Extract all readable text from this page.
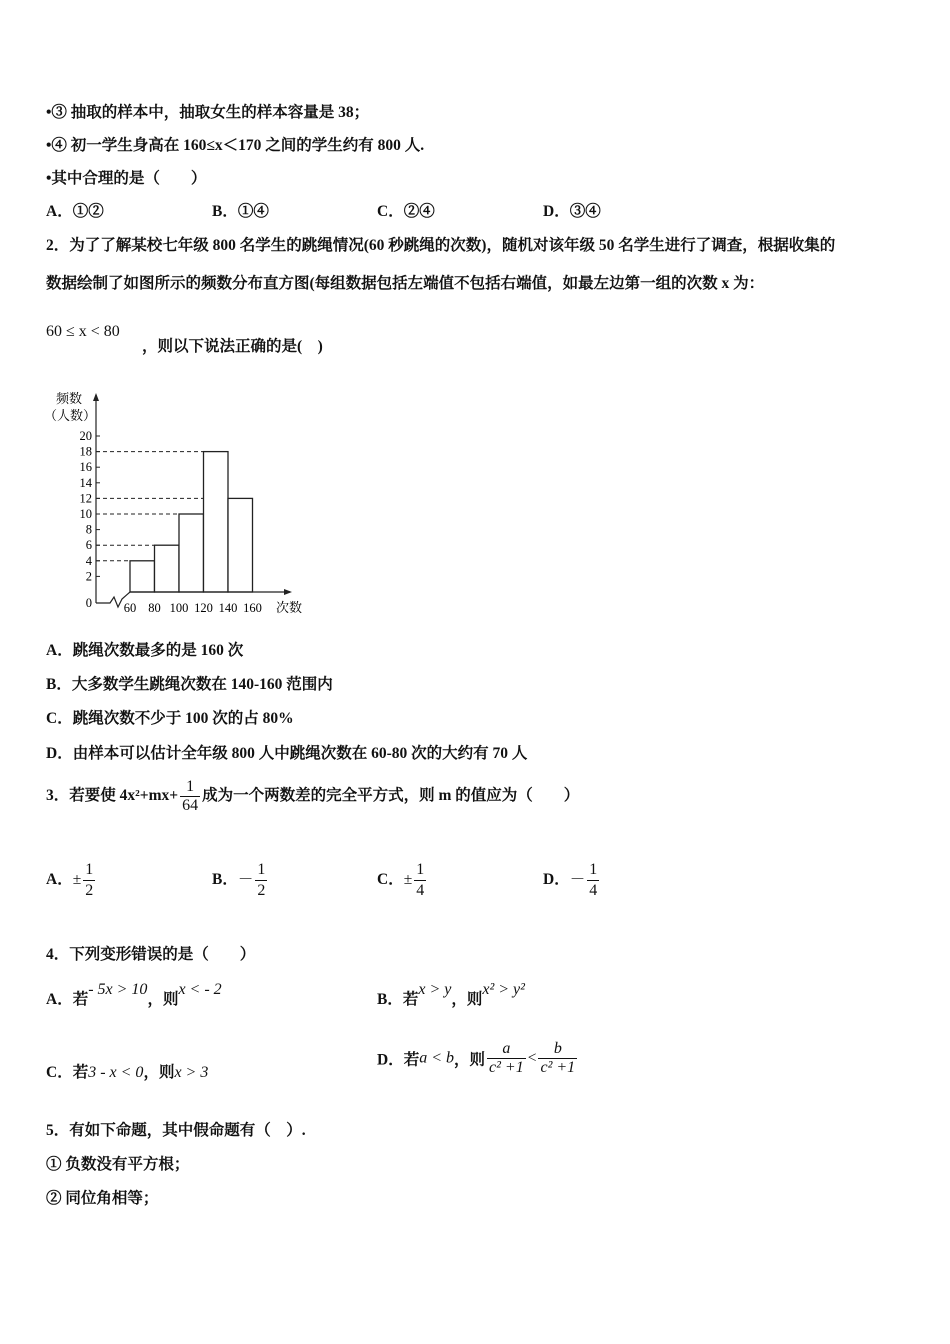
•③ 抽取的样本中，抽取女生的样本容量是 38；
•④ 初一学生身高在 160≤x＜170 之间的学生约有 800 人.
•其中合理的是（　　）
A．①②	B．①④	C．②④	D．③④
2．为了了解某校七年级 800 名学生的跳绳情况(60 秒跳绳的次数)，随机对该年级 50 名学生进行了调查，根据收集的
数据绘制了如图所示的频数分布直方图(每组数据包括左端值不包括右端值，如最左边第一组的次数 x 为：
60 ≤ x < 80
，则以下说法正确的是(　)
频数
（人数）
0
2
4
6
8
10
12
14
16
18
20
60 80 100 120 140 160 次数
A．跳绳次数最多的是 160 次
B．大多数学生跳绳次数在 140-160 范围内
C．跳绳次数不少于 100 次的占 80%
D．由样本可以估计全年级 800 人中跳绳次数在 60-80 次的大约有 70 人
3．若要使 $4x^2+mx+ \frac{1}{64}$ 成为一个两数差的完全平方式，则 m 的值应为（　　）
A．± $\frac{1}{2}$	B．－ $\frac{1}{2}$	C．± $\frac{1}{4}$	D．－ $\frac{1}{4}$
4．下列变形错误的是（　　）
A．若- 5x > 10，则x < - 2
B．若x > y，则x² > y²
C．若3 - x < 0，则x > 3
D．若a < b，则 $\frac{a}{\text{c² +1}} < \frac{b}{\text{c² +1}}$
5．有如下命题，其中假命题有（　）.
① 负数没有平方根；
② 同位角相等；
